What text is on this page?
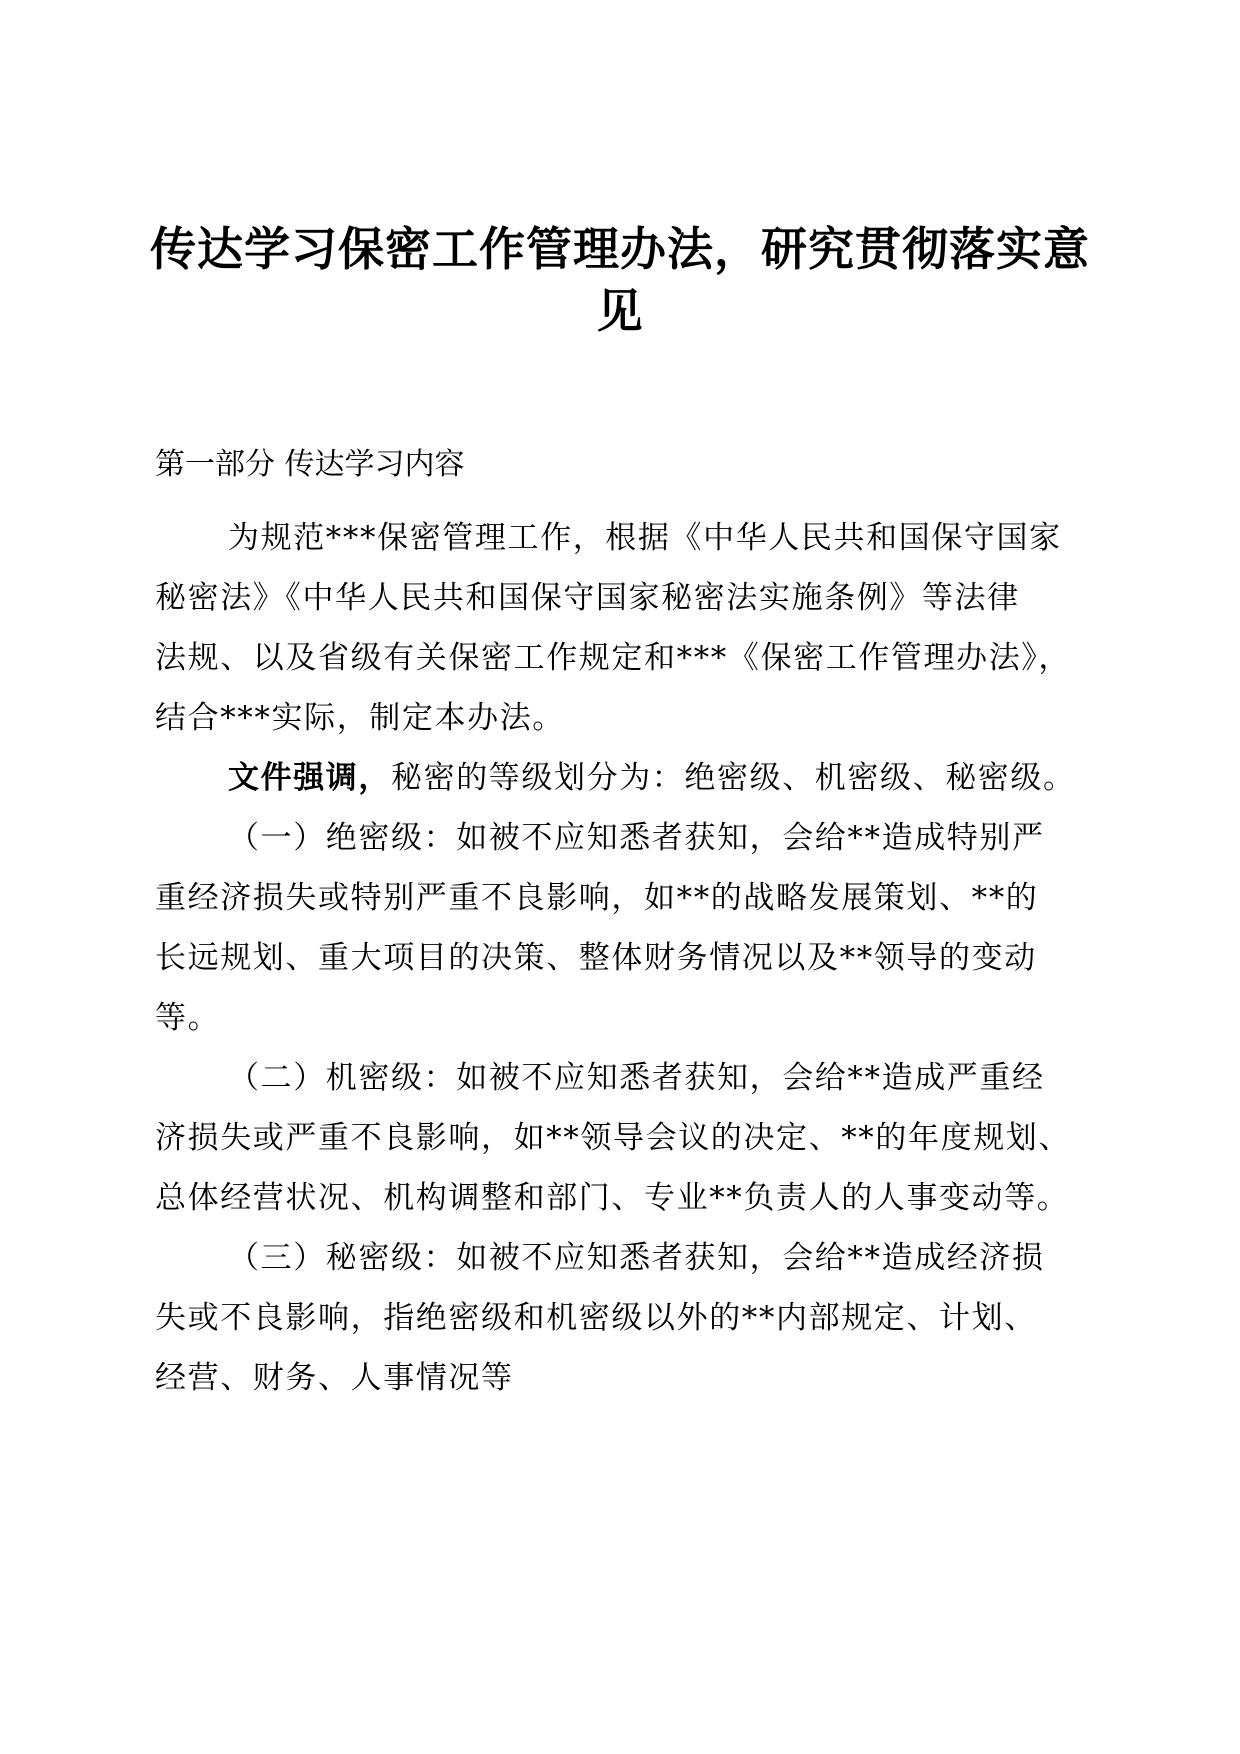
传达学习保密工作管理办法，研究贯彻落实意
见
第一部分 传达学习内容
为规范***保密管理工作，根据《中华人民共和国保守国家
秘密法》《中华人民共和国保守国家秘密法实施条例》等法律
法规、以及省级有关保密工作规定和***《保密工作管理办法》，
结合***实际，制定本办法。
文件强调，秘密的等级划分为：绝密级、机密级、秘密级。
（一）绝密级：如被不应知悉者获知，会给**造成特别严
重经济损失或特别严重不良影响，如**的战略发展策划、**的
长远规划、重大项目的决策、整体财务情况以及**领导的变动
等。
（二）机密级：如被不应知悉者获知，会给**造成严重经
济损失或严重不良影响，如**领导会议的决定、**的年度规划、
总体经营状况、机构调整和部门、专业**负责人的人事变动等。
（三）秘密级：如被不应知悉者获知，会给**造成经济损
失或不良影响，指绝密级和机密级以外的**内部规定、计划、
经营、财务、人事情况等
